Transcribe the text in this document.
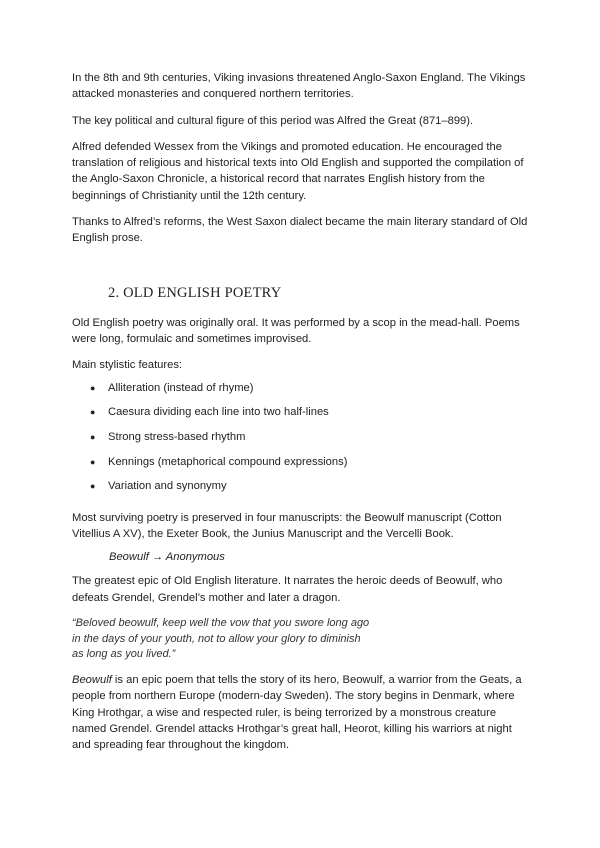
In the 8th and 9th centuries, Viking invasions threatened Anglo-Saxon England. The Vikings attacked monasteries and conquered northern territories.

The key political and cultural figure of this period was Alfred the Great (871–899).

Alfred defended Wessex from the Vikings and promoted education. He encouraged the translation of religious and historical texts into Old English and supported the compilation of the Anglo-Saxon Chronicle, a historical record that narrates English history from the beginnings of Christianity until the 12th century.

Thanks to Alfred’s reforms, the West Saxon dialect became the main literary standard of Old English prose.

2. OLD ENGLISH POETRY

Old English poetry was originally oral. It was performed by a scop in the mead-hall. Poems were long, formulaic and sometimes improvised.

Main stylistic features:

● Alliteration (instead of rhyme)
● Caesura dividing each line into two half-lines
● Strong stress-based rhythm
● Kennings (metaphorical compound expressions)
● Variation and synonymy

Most surviving poetry is preserved in four manuscripts: the Beowulf manuscript (Cotton Vitellius A XV), the Exeter Book, the Junius Manuscript and the Vercelli Book.

Beowulf → Anonymous

The greatest epic of Old English literature. It narrates the heroic deeds of Beowulf, who defeats Grendel, Grendel’s mother and later a dragon.

“Beloved beowulf, keep well the vow that you swore long ago in the days of your youth, not to allow your glory to diminish as long as you lived.”

Beowulf is an epic poem that tells the story of its hero, Beowulf, a warrior from the Geats, a people from northern Europe (modern-day Sweden). The story begins in Denmark, where King Hrothgar, a wise and respected ruler, is being terrorized by a monstrous creature named Grendel. Grendel attacks Hrothgar’s great hall, Heorot, killing his warriors at night and spreading fear throughout the kingdom.
